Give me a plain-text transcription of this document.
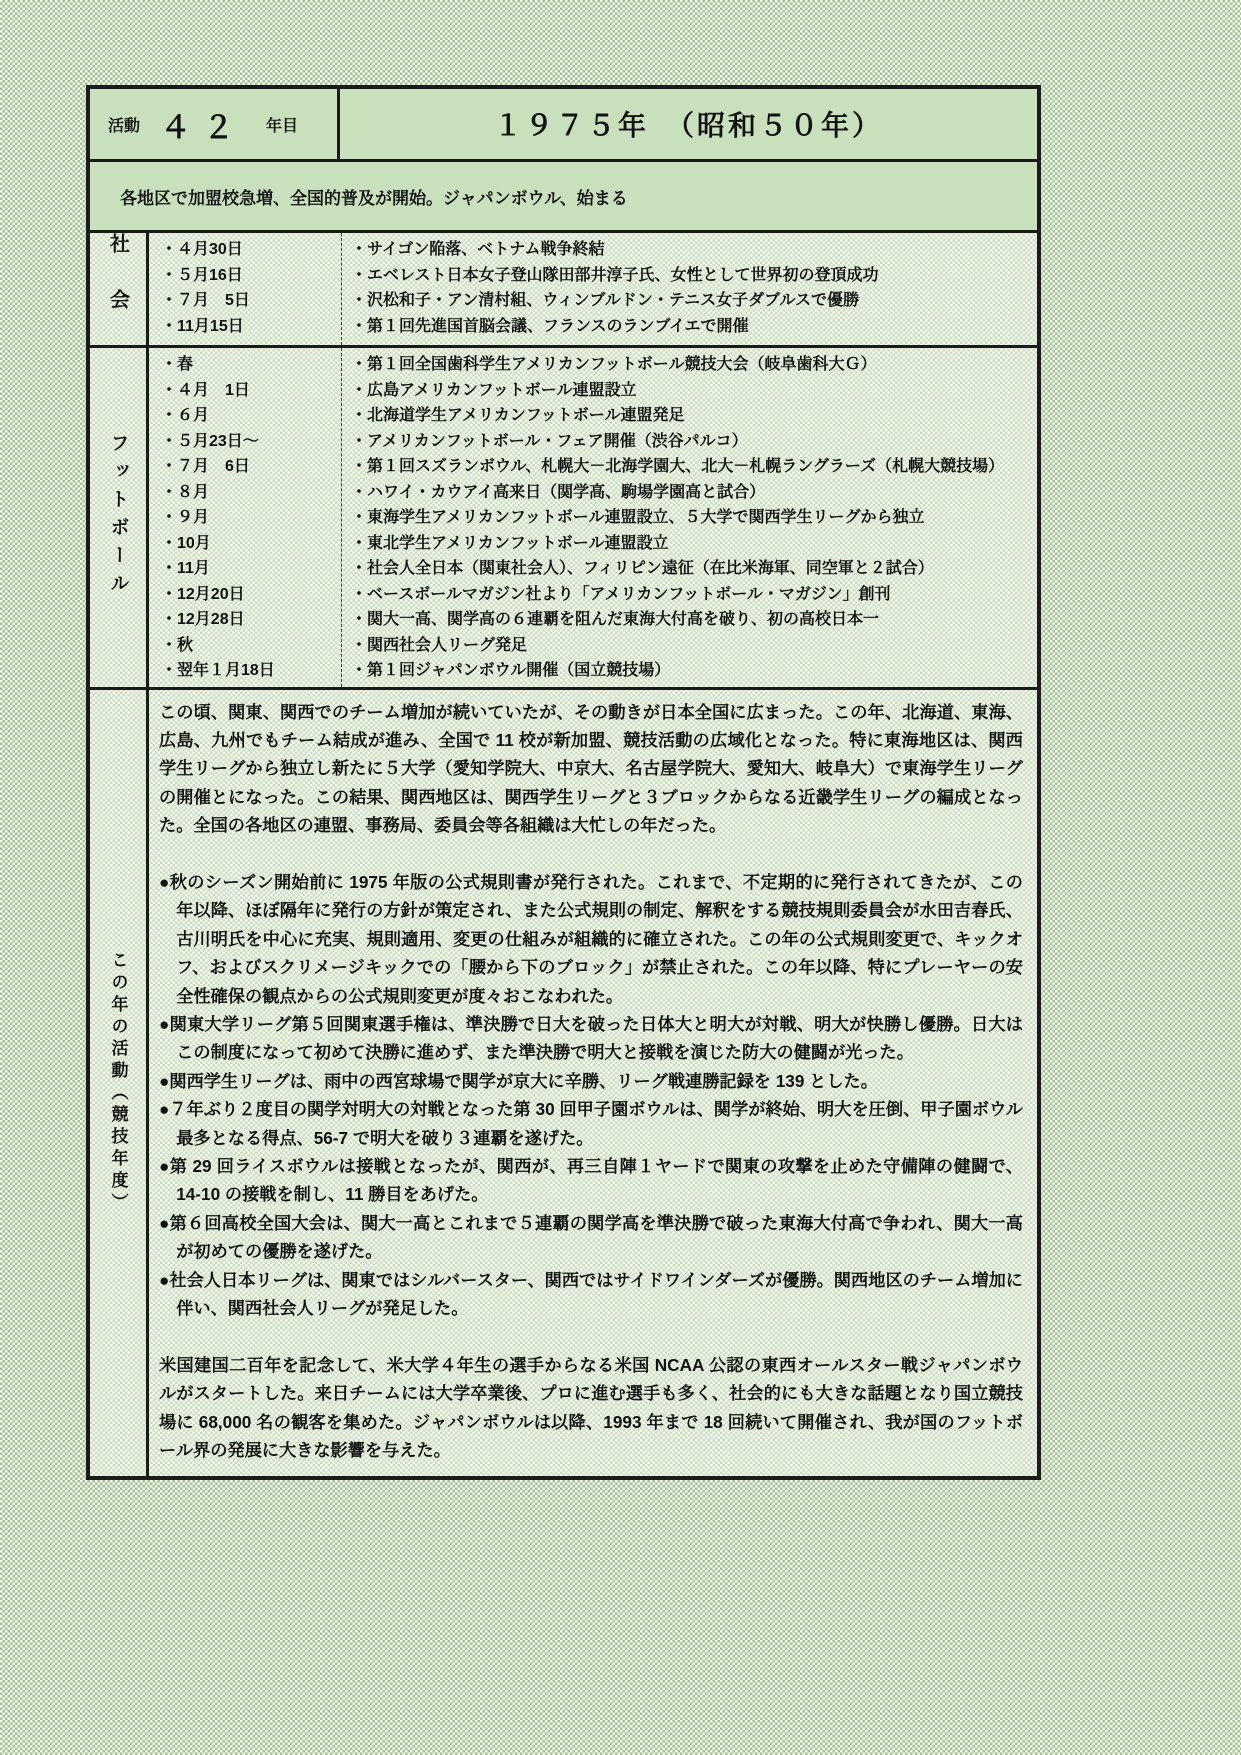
活動 ４２ 年目	１９７５年　（昭和５０年）
各地区で加盟校急増、全国的普及が開始。ジャパンボウル、始まる
社会	・４月30日	・サイゴン陥落、ベトナム戦争終結
・５月16日	・エベレスト日本女子登山隊田部井淳子氏、女性として世界初の登頂成功
・７月　5日	・沢松和子・アン清村組、ウィンブルドン・テニス女子ダブルスで優勝
・11月15日	・第１回先進国首脳会議、フランスのランブイエで開催
フットボール
・春	・第１回全国歯科学生アメリカンフットボール競技大会（岐阜歯科大Ｇ）
・４月　1日	・広島アメリカンフットボール連盟設立
・６月	・北海道学生アメリカンフットボール連盟発足
・５月23日～	・アメリカンフットボール・フェア開催（渋谷パルコ）
・７月　6日	・第１回スズランボウル、札幌大－北海学園大、北大－札幌ラングラーズ（札幌大競技場）
・８月	・ハワイ・カウアイ高来日（関学高、駒場学園高と試合）
・９月	・東海学生アメリカンフットボール連盟設立、５大学で関西学生リーグから独立
・10月	・東北学生アメリカンフットボール連盟設立
・11月	・社会人全日本（関東社会人）、フィリピン遠征（在比米海軍、同空軍と２試合）
・12月20日	・ベースボールマガジン社より「アメリカンフットボール・マガジン」創刊
・12月28日	・関大一高、関学高の６連覇を阻んだ東海大付高を破り、初の高校日本一
・秋	・関西社会人リーグ発足
・翌年１月18日	・第１回ジャパンボウル開催（国立競技場）
この年の活動（競技年度）

この頃、関東、関西でのチーム増加が続いていたが、その動きが日本全国に広まった。この年、北海道、東海、広島、九州でもチーム結成が進み、全国で 11 校が新加盟、競技活動の広域化となった。特に東海地区は、関西学生リーグから独立し新たに５大学（愛知学院大、中京大、名古屋学院大、愛知大、岐阜大）で東海学生リーグの開催とになった。この結果、関西地区は、関西学生リーグと３ブロックからなる近畿学生リーグの編成となった。全国の各地区の連盟、事務局、委員会等各組織は大忙しの年だった。

●秋のシーズン開始前に 1975 年版の公式規則書が発行された。これまで、不定期的に発行されてきたが、この年以降、ほぼ隔年に発行の方針が策定され、また公式規則の制定、解釈をする競技規則委員会が水田吉春氏、古川明氏を中心に充実、規則適用、変更の仕組みが組織的に確立された。この年の公式規則変更で、キックオフ、およびスクリメージキックでの「腰から下のブロック」が禁止された。この年以降、特にプレーヤーの安全性確保の観点からの公式規則変更が度々おこなわれた。
●関東大学リーグ第５回関東選手権は、準決勝で日大を破った日体大と明大が対戦、明大が快勝し優勝。日大はこの制度になって初めて決勝に進めず、また準決勝で明大と接戦を演じた防大の健闘が光った。
●関西学生リーグは、雨中の西宮球場で関学が京大に辛勝、リーグ戦連勝記録を 139 とした。
●７年ぶり２度目の関学対明大の対戦となった第 30 回甲子園ボウルは、関学が終始、明大を圧倒、甲子園ボウル最多となる得点、56-7 で明大を破り３連覇を遂げた。
●第 29 回ライスボウルは接戦となったが、関西が、再三自陣１ヤードで関東の攻撃を止めた守備陣の健闘で、14-10 の接戦を制し、11 勝目をあげた。
●第６回高校全国大会は、関大一高とこれまで５連覇の関学高を準決勝で破った東海大付高で争われ、関大一高が初めての優勝を遂げた。
●社会人日本リーグは、関東ではシルバースター、関西ではサイドワインダーズが優勝。関西地区のチーム増加に伴い、関西社会人リーグが発足した。

米国建国二百年を記念して、米大学４年生の選手からなる米国 NCAA 公認の東西オールスター戦ジャパンボウルがスタートした。来日チームには大学卒業後、プロに進む選手も多く、社会的にも大きな話題となり国立競技場に 68,000 名の観客を集めた。ジャパンボウルは以降、1993 年まで 18 回続いて開催され、我が国のフットボール界の発展に大きな影響を与えた。
